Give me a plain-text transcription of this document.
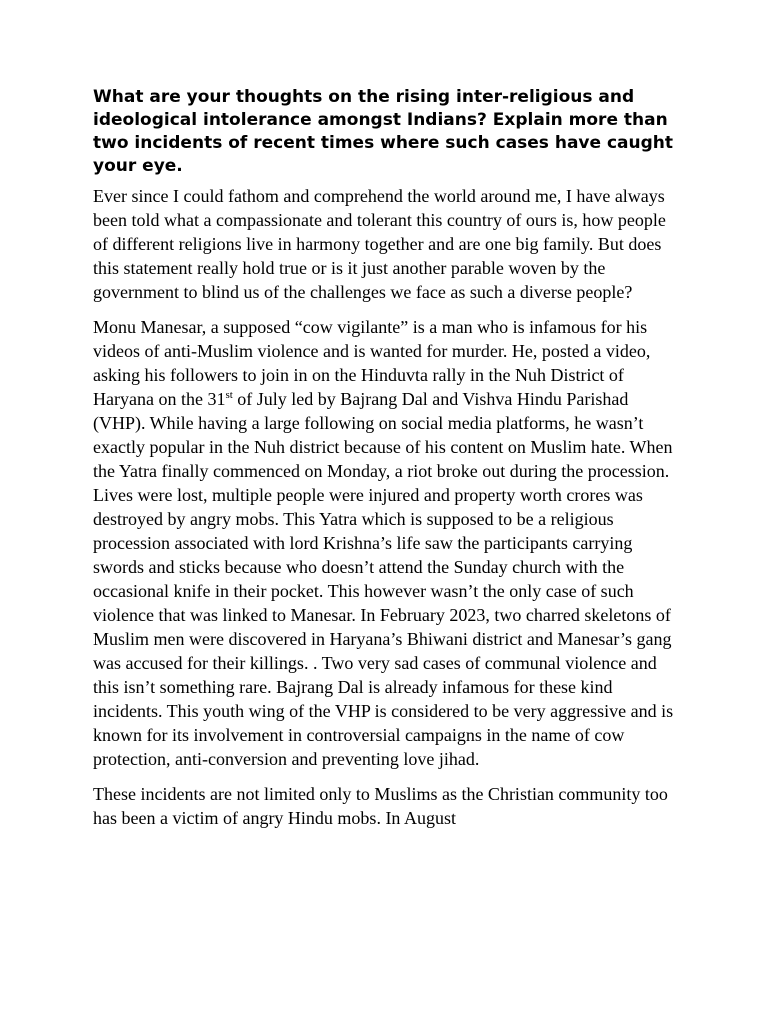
What are your thoughts on the rising inter-religious and ideological intolerance amongst Indians? Explain more than two incidents of recent times where such cases have caught your eye.

Ever since I could fathom and comprehend the world around me, I have always been told what a compassionate and tolerant this country of ours is, how people of different religions live in harmony together and are one big family. But does this statement really hold true or is it just another parable woven by the government to blind us of the challenges we face as such a diverse people?

Monu Manesar, a supposed “cow vigilante” is a man who is infamous for his videos of anti-Muslim violence and is wanted for murder. He, posted a video, asking his followers to join in on the Hinduvta rally in the Nuh District of Haryana on the 31st of July led by Bajrang Dal and Vishva Hindu Parishad (VHP). While having a large following on social media platforms, he wasn’t exactly popular in the Nuh district because of his content on Muslim hate. When the Yatra finally commenced on Monday, a riot broke out during the procession. Lives were lost, multiple people were injured and property worth crores was destroyed by angry mobs. This Yatra which is supposed to be a religious procession associated with lord Krishna’s life saw the participants carrying swords and sticks because who doesn’t attend the Sunday church with the occasional knife in their pocket. This however wasn’t the only case of such violence that was linked to Manesar. In February 2023, two charred skeletons of Muslim men were discovered in Haryana’s Bhiwani district and Manesar’s gang was accused for their killings. . Two very sad cases of communal violence and this isn’t something rare. Bajrang Dal is already infamous for these kind incidents. This youth wing of the VHP is considered to be very aggressive and is known for its involvement in controversial campaigns in the name of cow protection, anti-conversion and preventing love jihad.

These incidents are not limited only to Muslims as the Christian community too has been a victim of angry Hindu mobs. In August
